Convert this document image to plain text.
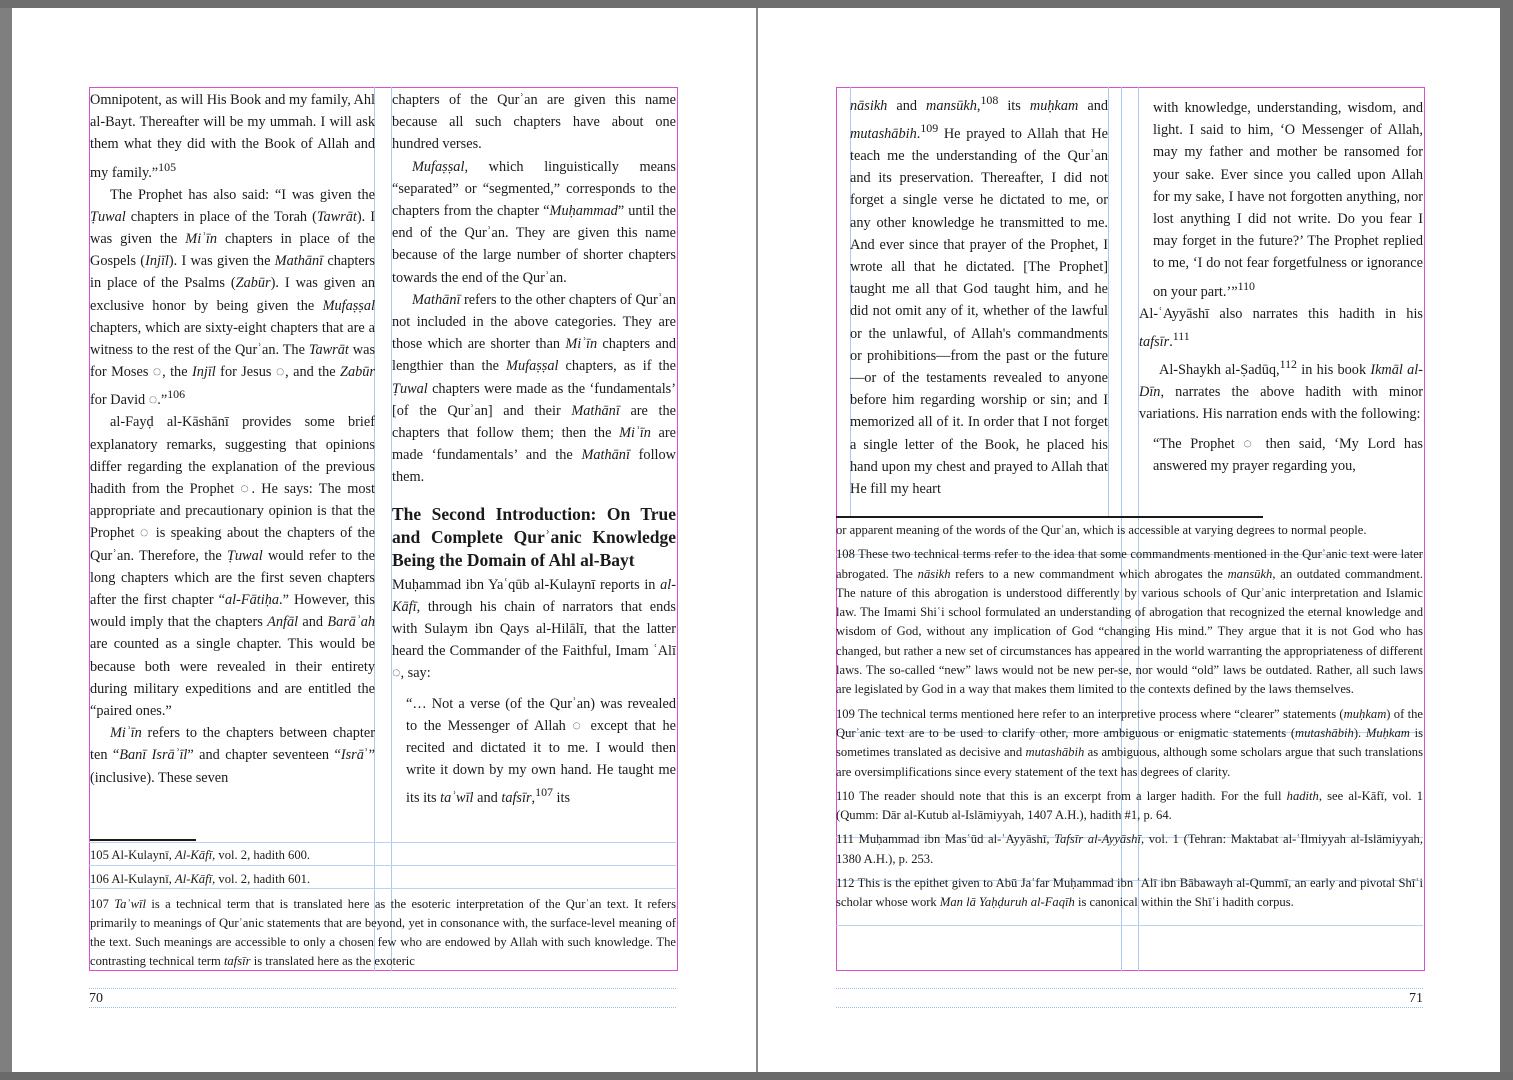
Omnipotent, as will His Book and my family, Ahl al-Bayt. Thereafter will be my ummah. I will ask them what they did with the Book of Allah and my family.”$^{105}$

The Prophet has also said: “I was given the Ṭuwal chapters in place of the Torah (Tawrāt). I was given the Miʾīn chapters in place of the Gospels (Injīl). I was given the Mathānī chapters in place of the Psalms (Zabūr). I was given an exclusive honor by being given the Mufaṣṣal chapters, which are sixty-eight chapters that are a witness to the rest of the Qurʾan. The Tawrāt was for Moses ◌, the Injīl for Jesus ◌, and the Zabūr for David ◌.”$^{106}$

al-Fayḍ al-Kāshānī provides some brief explanatory remarks, suggesting that opinions differ regarding the explanation of the previous hadith from the Prophet ◌. He says: The most appropriate and precautionary opinion is that the Prophet ◌ is speaking about the chapters of the Qurʾan. Therefore, the Ṭuwal would refer to the long chapters which are the first seven chapters after the first chapter “al-Fātiḥa.” However, this would imply that the chapters Anfāl and Barāʾah are counted as a single chapter. This would be because both were revealed in their entirety during military expeditions and are entitled the “paired ones.”

Miʾīn refers to the chapters between chapter ten “Banī Isrāʾīl” and chapter seventeen “Isrāʾ” (inclusive). These seven

chapters of the Qurʾan are given this name because all such chapters have about one hundred verses.

Mufaṣṣal, which linguistically means “separated” or “segmented,” corresponds to the chapters from the chapter “Muḥammad” until the end of the Qurʾan. They are given this name because of the large number of shorter chapters towards the end of the Qurʾan.

Mathānī refers to the other chapters of Qurʾan not included in the above categories. They are those which are shorter than Miʾīn chapters and lengthier than the Mufaṣṣal chapters, as if the Ṭuwal chapters were made as the ‘fundamentals’ [of the Qurʾan] and their Mathānī are the chapters that follow them; then the Miʾīn are made ‘fundamentals’ and the Mathānī follow them.

The Second Introduction: On True and Complete Qurʾanic Knowledge Being the Domain of Ahl al-Bayt

Muḥammad ibn Yaʿqūb al-Kulaynī reports in al-Kāfī, through his chain of narrators that ends with Sulaym ibn Qays al-Hilālī, that the latter heard the Commander of the Faithful, Imam ʿAlī ◌, say:

“… Not a verse (of the Qurʾan) was revealed to the Messenger of Allah ◌ except that he recited and dictated it to me. I would then write it down by my own hand. He taught me its its taʾwīl and tafsīr,$^{107}$ its

105 Al-Kulaynī, Al-Kāfī, vol. 2, hadith 600.

106 Al-Kulaynī, Al-Kāfī, vol. 2, hadith 601.

107 Taʾwīl is a technical term that is translated here as the esoteric interpretation of the Qurʾan text. It refers primarily to meanings of Qurʾanic statements that are beyond, yet in consonance with, the surface-level meaning of the text. Such meanings are accessible to only a chosen few who are endowed by Allah with such knowledge. The contrasting technical term tafsīr is translated here as the exoteric

70

nāsikh and mansūkh,$^{108}$ its muḥkam and mutashābih.$^{109}$ He prayed to Allah that He teach me the understanding of the Qurʾan and its preservation. Thereafter, I did not forget a single verse he dictated to me, or any other knowledge he transmitted to me. And ever since that prayer of the Prophet, I wrote all that he dictated. [The Prophet] taught me all that God taught him, and he did not omit any of it, whether of the lawful or the unlawful, of Allah's commandments or prohibitions—from the past or the future—or of the testaments revealed to anyone before him regarding worship or sin; and I memorized all of it. In order that I not forget a single letter of the Book, he placed his hand upon my chest and prayed to Allah that He fill my heart

with knowledge, understanding, wisdom, and light. I said to him, ‘O Messenger of Allah, may my father and mother be ransomed for your sake. Ever since you called upon Allah for my sake, I have not forgotten anything, nor lost anything I did not write. Do you fear I may forget in the future?’ The Prophet replied to me, ‘I do not fear forgetfulness or ignorance on your part.’”$^{110}$

Al-ʿAyyāshī also narrates this hadith in his tafsīr.$^{111}$

Al-Shaykh al-Ṣadūq,$^{112}$ in his book Ikmāl al-Dīn, narrates the above hadith with minor variations. His narration ends with the following:

“The Prophet ◌ then said, ‘My Lord has answered my prayer regarding you,

or apparent meaning of the words of the Qurʾan, which is accessible at varying degrees to normal people.

108 These two technical terms refer to the idea that some commandments mentioned in the Qurʾanic text were later abrogated. The nāsikh refers to a new commandment which abrogates the mansūkh, an outdated commandment. The nature of this abrogation is understood differently by various schools of Qurʾanic interpretation and Islamic law. The Imami Shiʿi school formulated an understanding of abrogation that recognized the eternal knowledge and wisdom of God, without any implication of God “changing His mind.” They argue that it is not God who has changed, but rather a new set of circumstances has appeared in the world warranting the appropriateness of different laws. The so-called “new” laws would not be new per-se, nor would “old” laws be outdated. Rather, all such laws are legislated by God in a way that makes them limited to the contexts defined by the laws themselves.

109 The technical terms mentioned here refer to an interpretive process where “clearer” statements (muḥkam) of the Qurʾanic text are to be used to clarify other, more ambiguous or enigmatic statements (mutashābih). Muḥkam is sometimes translated as decisive and mutashābih as ambiguous, although some scholars argue that such translations are oversimplifications since every statement of the text has degrees of clarity.

110 The reader should note that this is an excerpt from a larger hadith. For the full hadith, see al-Kāfī, vol. 1 (Qumm: Dār al-Kutub al-Islāmiyyah, 1407 A.H.), hadith #1, p. 64.

111 Muḥammad ibn Masʿūd al-ʿAyyāshī, Tafsīr al-Ayyāshī, vol. 1 (Tehran: Maktabat al-ʿIlmiyyah al-Islāmiyyah, 1380 A.H.), p. 253.

112 This is the epithet given to Abū Jaʿfar Muḥammad ibn ʿAlī ibn Bābawayh al-Qummī, an early and pivotal Shīʿi scholar whose work Man lā Yaḥḍuruh al-Faqīh is canonical within the Shīʿi hadith corpus.

71
